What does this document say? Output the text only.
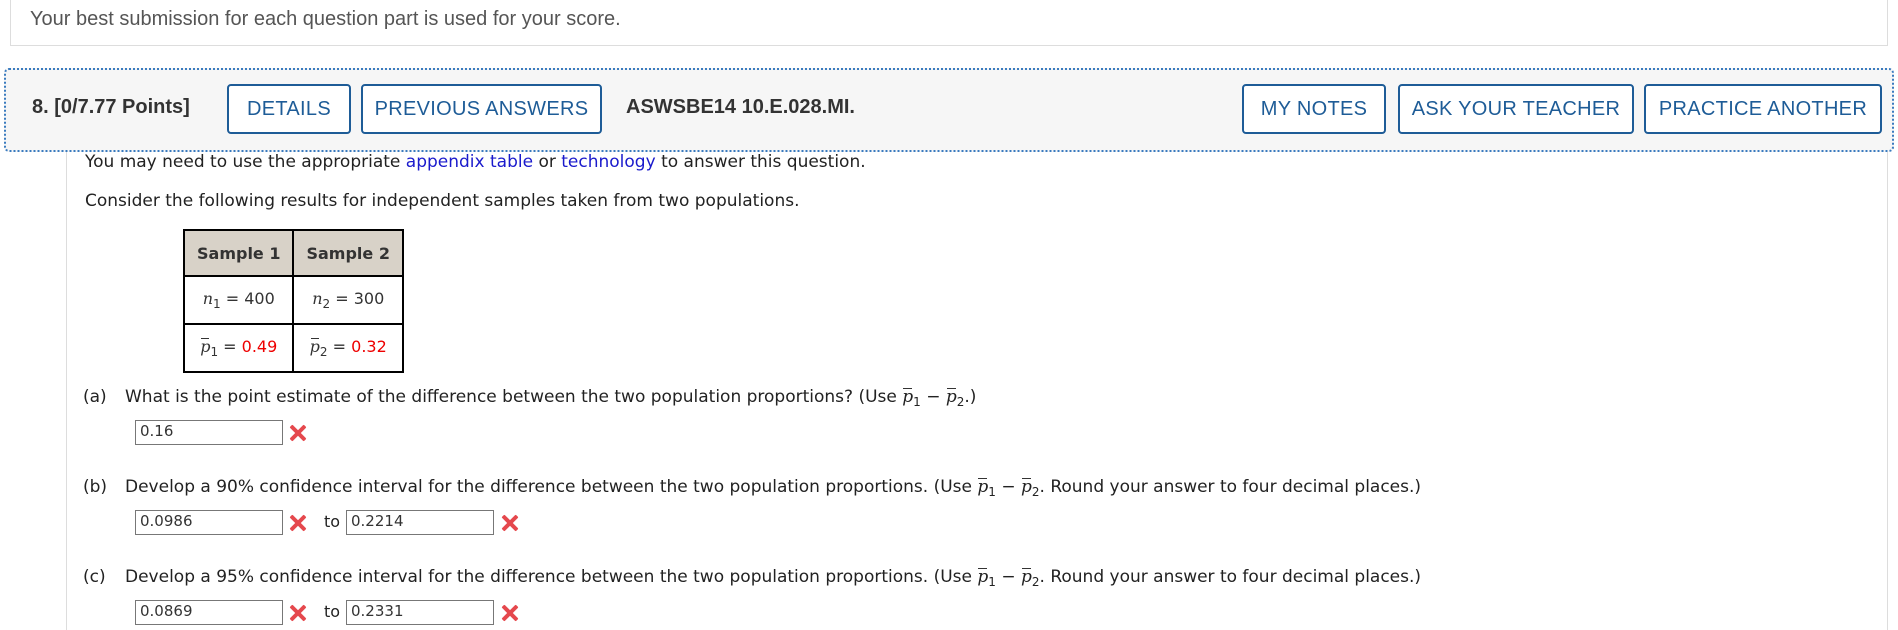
Your best submission for each question part is used for your score.
8. [0/7.77 Points]	DETAILS	PREVIOUS ANSWERS	ASWSBE14 10.E.028.MI.	MY NOTES	ASK YOUR TEACHER	PRACTICE ANOTHER
You may need to use the appropriate appendix table or technology to answer this question.
Consider the following results for independent samples taken from two populations.
Sample 1	Sample 2
$n_1 = 400$	$n_2 = 300$
$p_1 = 0.49$	$p_2 = 0.32$
(a) What is the point estimate of the difference between the two population proportions? (Use $p_1 - p_2$.)
0.16
(b) Develop a 90% confidence interval for the difference between the two population proportions. (Use $p_1 - p_2$. Round your answer to four decimal places.)
0.0986	to 0.2214
(c) Develop a 95% confidence interval for the difference between the two population proportions. (Use $p_1 - p_2$. Round your answer to four decimal places.)
0.0869	to 0.2331
